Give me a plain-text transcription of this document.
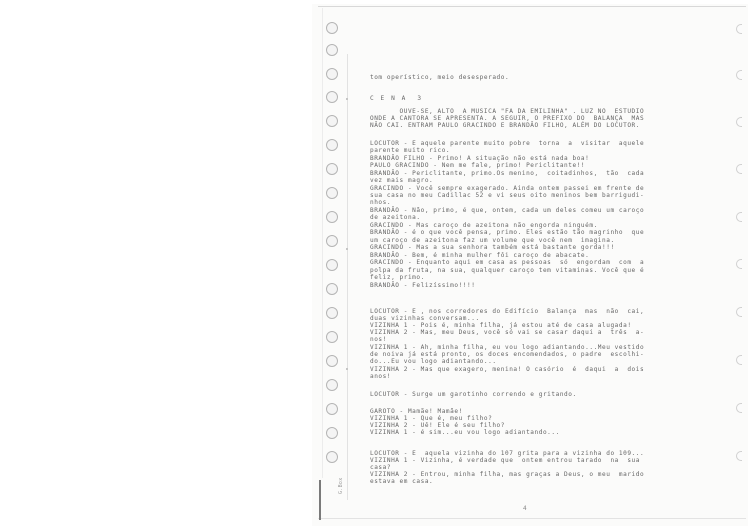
G.Box
tom operístico, meio desesperado.
C E N A  3
OUVE-SE, ALTO  A MUSICA "FA DA EMILINHA" . LUZ NO  ESTUDIO
ONDE A CANTORA SE APRESENTA. A SEGUIR, O PREFIXO DO  BALANÇA  MAS
NÃO CAI. ENTRAM PAULO GRACINDO E BRANDÃO FILHO, ALÉM DO LOCUTOR.
LOCUTOR - E aquele parente muito pobre  torna  a  visitar  aquele
parente muito rico.
BRANDÃO FILHO - Primo! A situação não está nada boa!
PAULO GRACINDO - Nem me fale, primo! Periclitante!!
BRANDÃO - Periclitante, primo.Os menino,  coitadinhos,  tão  cada
vez mais magro.
GRACINDO - Você sempre exagerado. Ainda ontem passei em frente de
sua casa no meu Cadillac 52 e vi seus oito meninos bem barrigudi-
nhos.
BRANDÃO - Não, primo, é que, ontem, cada um deles comeu um caroço
de azeitona.
GRACINDO - Mas caroço de azeitona não engorda ninguém.
BRANDÃO - é o que você pensa, primo. Eles estão tão magrinho  que
um caroço de azeitona faz um volume que você nem  imagina.
GRACINDO - Mas a sua senhora também está bastante gorda!!!
BRANDÃO - Bem, é minha mulher fôi caroço de abacate.
GRACINDO - Enquanto aqui em casa as pessoas  só  engordam  com  a
polpa da fruta, na sua, qualquer caroço tem vitaminas. Você que é
feliz, primo.
BRANDÃO - Felizíssimo!!!!
LOCUTOR - E , nos corredores do Edifício  Balança  mas  não  cai,
duas vizinhas conversam...
VIZINHA 1 - Pois é, minha filha, já estou até de casa alugada!
VIZINHA 2 - Mas, meu Deus, você só vai se casar daqui a  três  a-
nos!
VIZINHA 1 - Ah, minha filha, eu vou logo adiantando...Meu vestido
de noiva já está pronto, os doces encomendados, o padre  escolhi-
do...Eu vou logo adiantando...
VIZINHA 2 - Mas que exagero, menina! O casório  é  daqui  a  dois
anos!
LOCUTOR - Surge um garotinho correndo e gritando.
GAROTO - Mamãe! Mamãe!
VIZINHA 1 - Que é, meu filho?
VIZINHA 2 - Uê! Ele é seu filho?
VIZINHA 1 - é sim...eu vou logo adiantando...
LOCUTOR - E  aquela vizinha do 107 grita para a vizinha do 109...
VIZINHA 1 - Vizinha, é verdade que  ontem entrou tarado  na  sua
casa?
VIZINHA 2 - Entrou, minha filha, mas graças a Deus, o meu  marido
estava em casa.
4
